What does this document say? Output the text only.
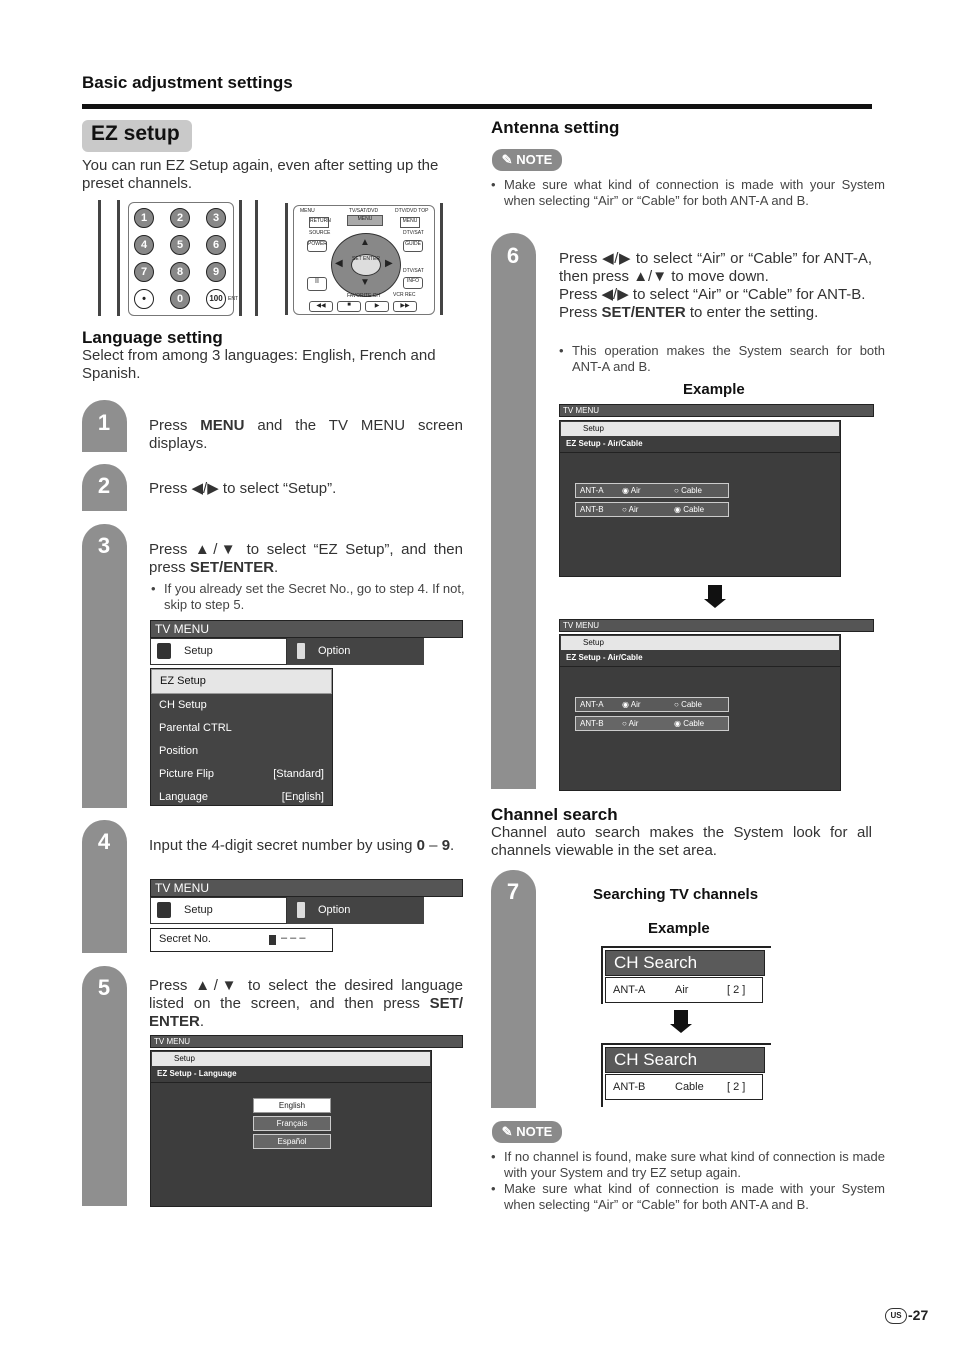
Basic adjustment settings
EZ setup
You can run EZ Setup again, even after setting up the preset channels.
1	2	3
4	5	6
7	8	9
•	0	100	ENT
MENU	TV/SAT/DVD	DTV/DVD TOP
RETURN	MENU	MENU
SOURCE	DTV/SAT
POWER	GUIDE
SET ENTER
▲
▼
◀	▶
DTV/SAT
INFO
II
FAVORITE CH	VCR REC
◀◀	■	▶	▶▶
Language setting
Select from among 3 languages: English, French and Spanish.
1	Press MENU and the TV MENU screen displays.
2	Press ◀/▶ to select “Setup”.
3	Press ▲/▼ to select “EZ Setup”, and then press SET/ENTER.
• If you already set the Secret No., go to step 4. If not, skip to step 5.
TV MENU
Setup	Option
EZ Setup
CH Setup
Parental CTRL
Position
Picture Flip	[Standard]
Language	[English]
4	Input the 4-digit secret number by using 0 – 9.
TV MENU
Setup	Option
Secret No.	– – –
5	Press ▲/▼ to select the desired language listed on the screen, and then press SET/ ENTER.
TV MENU
Setup
EZ Setup - Language
English
Français
Español
Antenna setting
✎ NOTE
• Make sure what kind of connection is made with your System when selecting “Air” or “Cable” for both ANT-A and B.
6	Press ◀/▶ to select “Air” or “Cable” for ANT-A, then press ▲/▼ to move down.
Press ◀/▶ to select “Air” or “Cable” for ANT-B.
Press SET/ENTER to enter the setting.
• This operation makes the System search for both ANT-A and B.
Example
TV MENU
Setup
EZ Setup - Air/Cable
ANT-A	◉ Air	○ Cable
ANT-B	○ Air	◉ Cable
TV MENU
Setup
EZ Setup - Air/Cable
ANT-A	◉ Air	○ Cable
ANT-B	○ Air	◉ Cable
Channel search
Channel auto search makes the System look for all channels viewable in the set area.
7	Searching TV channels
Example
CH Search
ANT-A	Air	[ 2 ]
CH Search
ANT-B	Cable	[ 2 ]
✎ NOTE
• If no channel is found, make sure what kind of connection is made with your System and try EZ setup again.
• Make sure what kind of connection is made with your System when selecting “Air” or “Cable” for both ANT-A and B.
US -27
